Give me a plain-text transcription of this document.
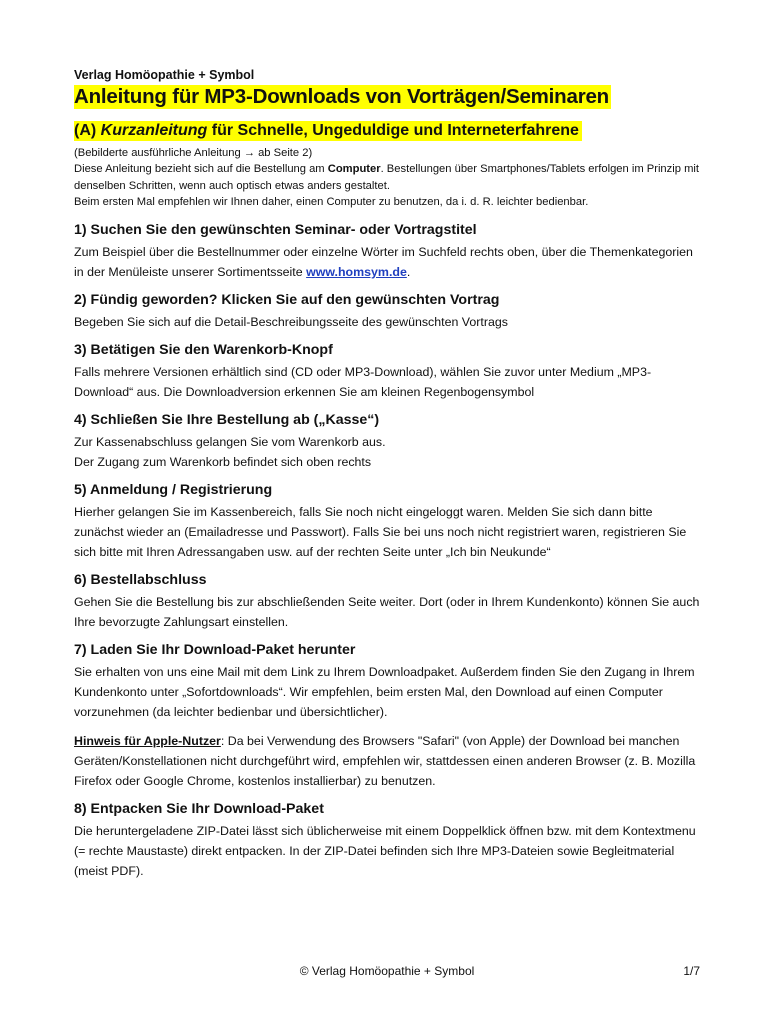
Verlag Homöopathie + Symbol
Anleitung für MP3-Downloads von Vorträgen/Seminaren
(A) Kurzanleitung für Schnelle, Ungeduldige und Interneterfahrene
(Bebilderte ausführliche Anleitung → ab Seite 2)
Diese Anleitung bezieht sich auf die Bestellung am Computer. Bestellungen über Smartphones/Tablets erfolgen im Prinzip mit denselben Schritten, wenn auch optisch etwas anders gestaltet.
Beim ersten Mal empfehlen wir Ihnen daher, einen Computer zu benutzen, da i. d. R. leichter bedienbar.
1) Suchen Sie den gewünschten Seminar- oder Vortragstitel

Zum Beispiel über die Bestellnummer oder einzelne Wörter im Suchfeld rechts oben, über die Themenkategorien in der Menüleiste unserer Sortimentsseite www.homsym.de.

2) Fündig geworden? Klicken Sie auf den gewünschten Vortrag

Begeben Sie sich auf die Detail-Beschreibungsseite des gewünschten Vortrags

3) Betätigen Sie den Warenkorb-Knopf

Falls mehrere Versionen erhältlich sind (CD oder MP3-Download), wählen Sie zuvor unter Medium „MP3-Download“ aus. Die Downloadversion erkennen Sie am kleinen Regenbogensymbol

4) Schließen Sie Ihre Bestellung ab („Kasse“)

Zur Kassenabschluss gelangen Sie vom Warenkorb aus.

Der Zugang zum Warenkorb befindet sich oben rechts

5) Anmeldung / Registrierung

Hierher gelangen Sie im Kassenbereich, falls Sie noch nicht eingeloggt waren. Melden Sie sich dann bitte zunächst wieder an (Emailadresse und Passwort). Falls Sie bei uns noch nicht registriert waren, registrieren Sie sich bitte mit Ihren Adressangaben usw. auf der rechten Seite unter „Ich bin Neukunde“

6) Bestellabschluss

Gehen Sie die Bestellung bis zur abschließenden Seite weiter. Dort (oder in Ihrem Kundenkonto) können Sie auch Ihre bevorzugte Zahlungsart einstellen.

7) Laden Sie Ihr Download-Paket herunter

Sie erhalten von uns eine Mail mit dem Link zu Ihrem Downloadpaket. Außerdem finden Sie den Zugang in Ihrem Kundenkonto unter „Sofortdownloads“. Wir empfehlen, beim ersten Mal, den Download auf einen Computer vorzunehmen (da leichter bedienbar und übersichtlicher).

Hinweis für Apple-Nutzer: Da bei Verwendung des Browsers "Safari" (von Apple) der Download bei manchen Geräten/Konstellationen nicht durchgeführt wird, empfehlen wir, stattdessen einen anderen Browser (z. B. Mozilla Firefox oder Google Chrome, kostenlos installierbar) zu benutzen.

8) Entpacken Sie Ihr Download-Paket

Die heruntergeladene ZIP-Datei lässt sich üblicherweise mit einem Doppelklick öffnen bzw. mit dem Kontextmenu (= rechte Maustaste) direkt entpacken. In der ZIP-Datei befinden sich Ihre MP3-Dateien sowie Begleitmaterial (meist PDF).

© Verlag Homöopathie + Symbol	1/7
